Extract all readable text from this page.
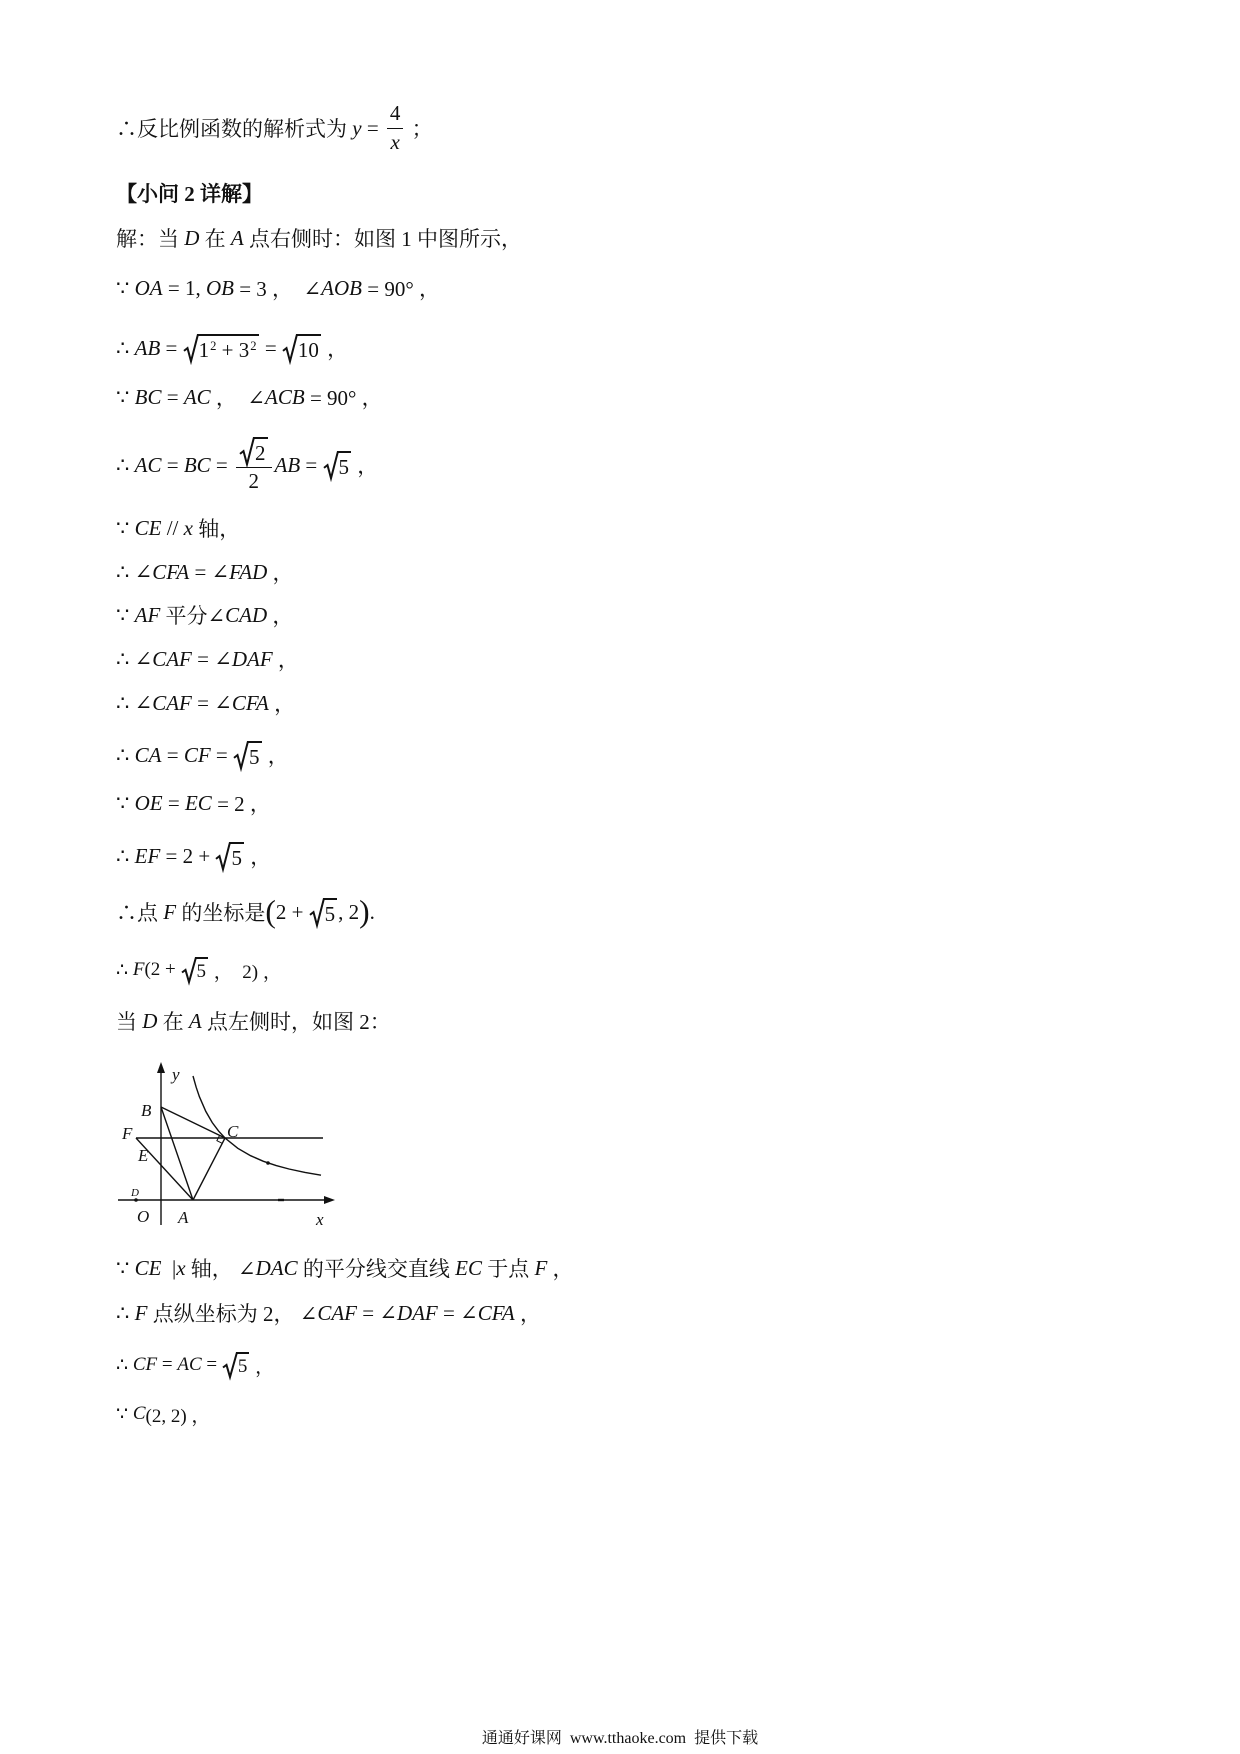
∴反比例函数的解析式为 $y = \frac{4}{x}$ ；
【小问 2 详解】
解：当 D 在 A 点右侧时：如图 1 中图所示，
∵ OA = 1, OB = 3 ，  ∠ AOB = 90° ，
∴ AB = 1 2 + 3 2 = 10 ，
∵ BC = AC ，  ∠ ACB = 90° ，
∴ AC = BC = $\frac{2}{2}$ AB = 5 ，
∵ CE // x 轴，
∴ ∠ CFA = ∠ FAD ，
∵ AF 平分∠ CAD ，
∴ ∠ CAF = ∠ DAF ，
∴ ∠ CAF = ∠ CFA ，
∴ CA = CF = 5 ，
∵ OE = EC = 2 ，
∴ EF = 2 + 5 ，
∴点 F 的坐标是 ( 2 + 5 , 2 ) .
∴ F (2 + 5 ，  2) ，
当 D 在 A 点左侧时，如图 2：
y
B
F	C
E
D
O A	x
∵ CE | x 轴， ∠ DAC 的平分线交直线 EC 于点 F ，
∴ F 点纵坐标为 2， ∠ CAF = ∠ DAF = ∠ CFA ，
∴ CF = AC = 5 ，
∵ C (2, 2) ，
通通好课网  www.tthaoke.com  提供下载
